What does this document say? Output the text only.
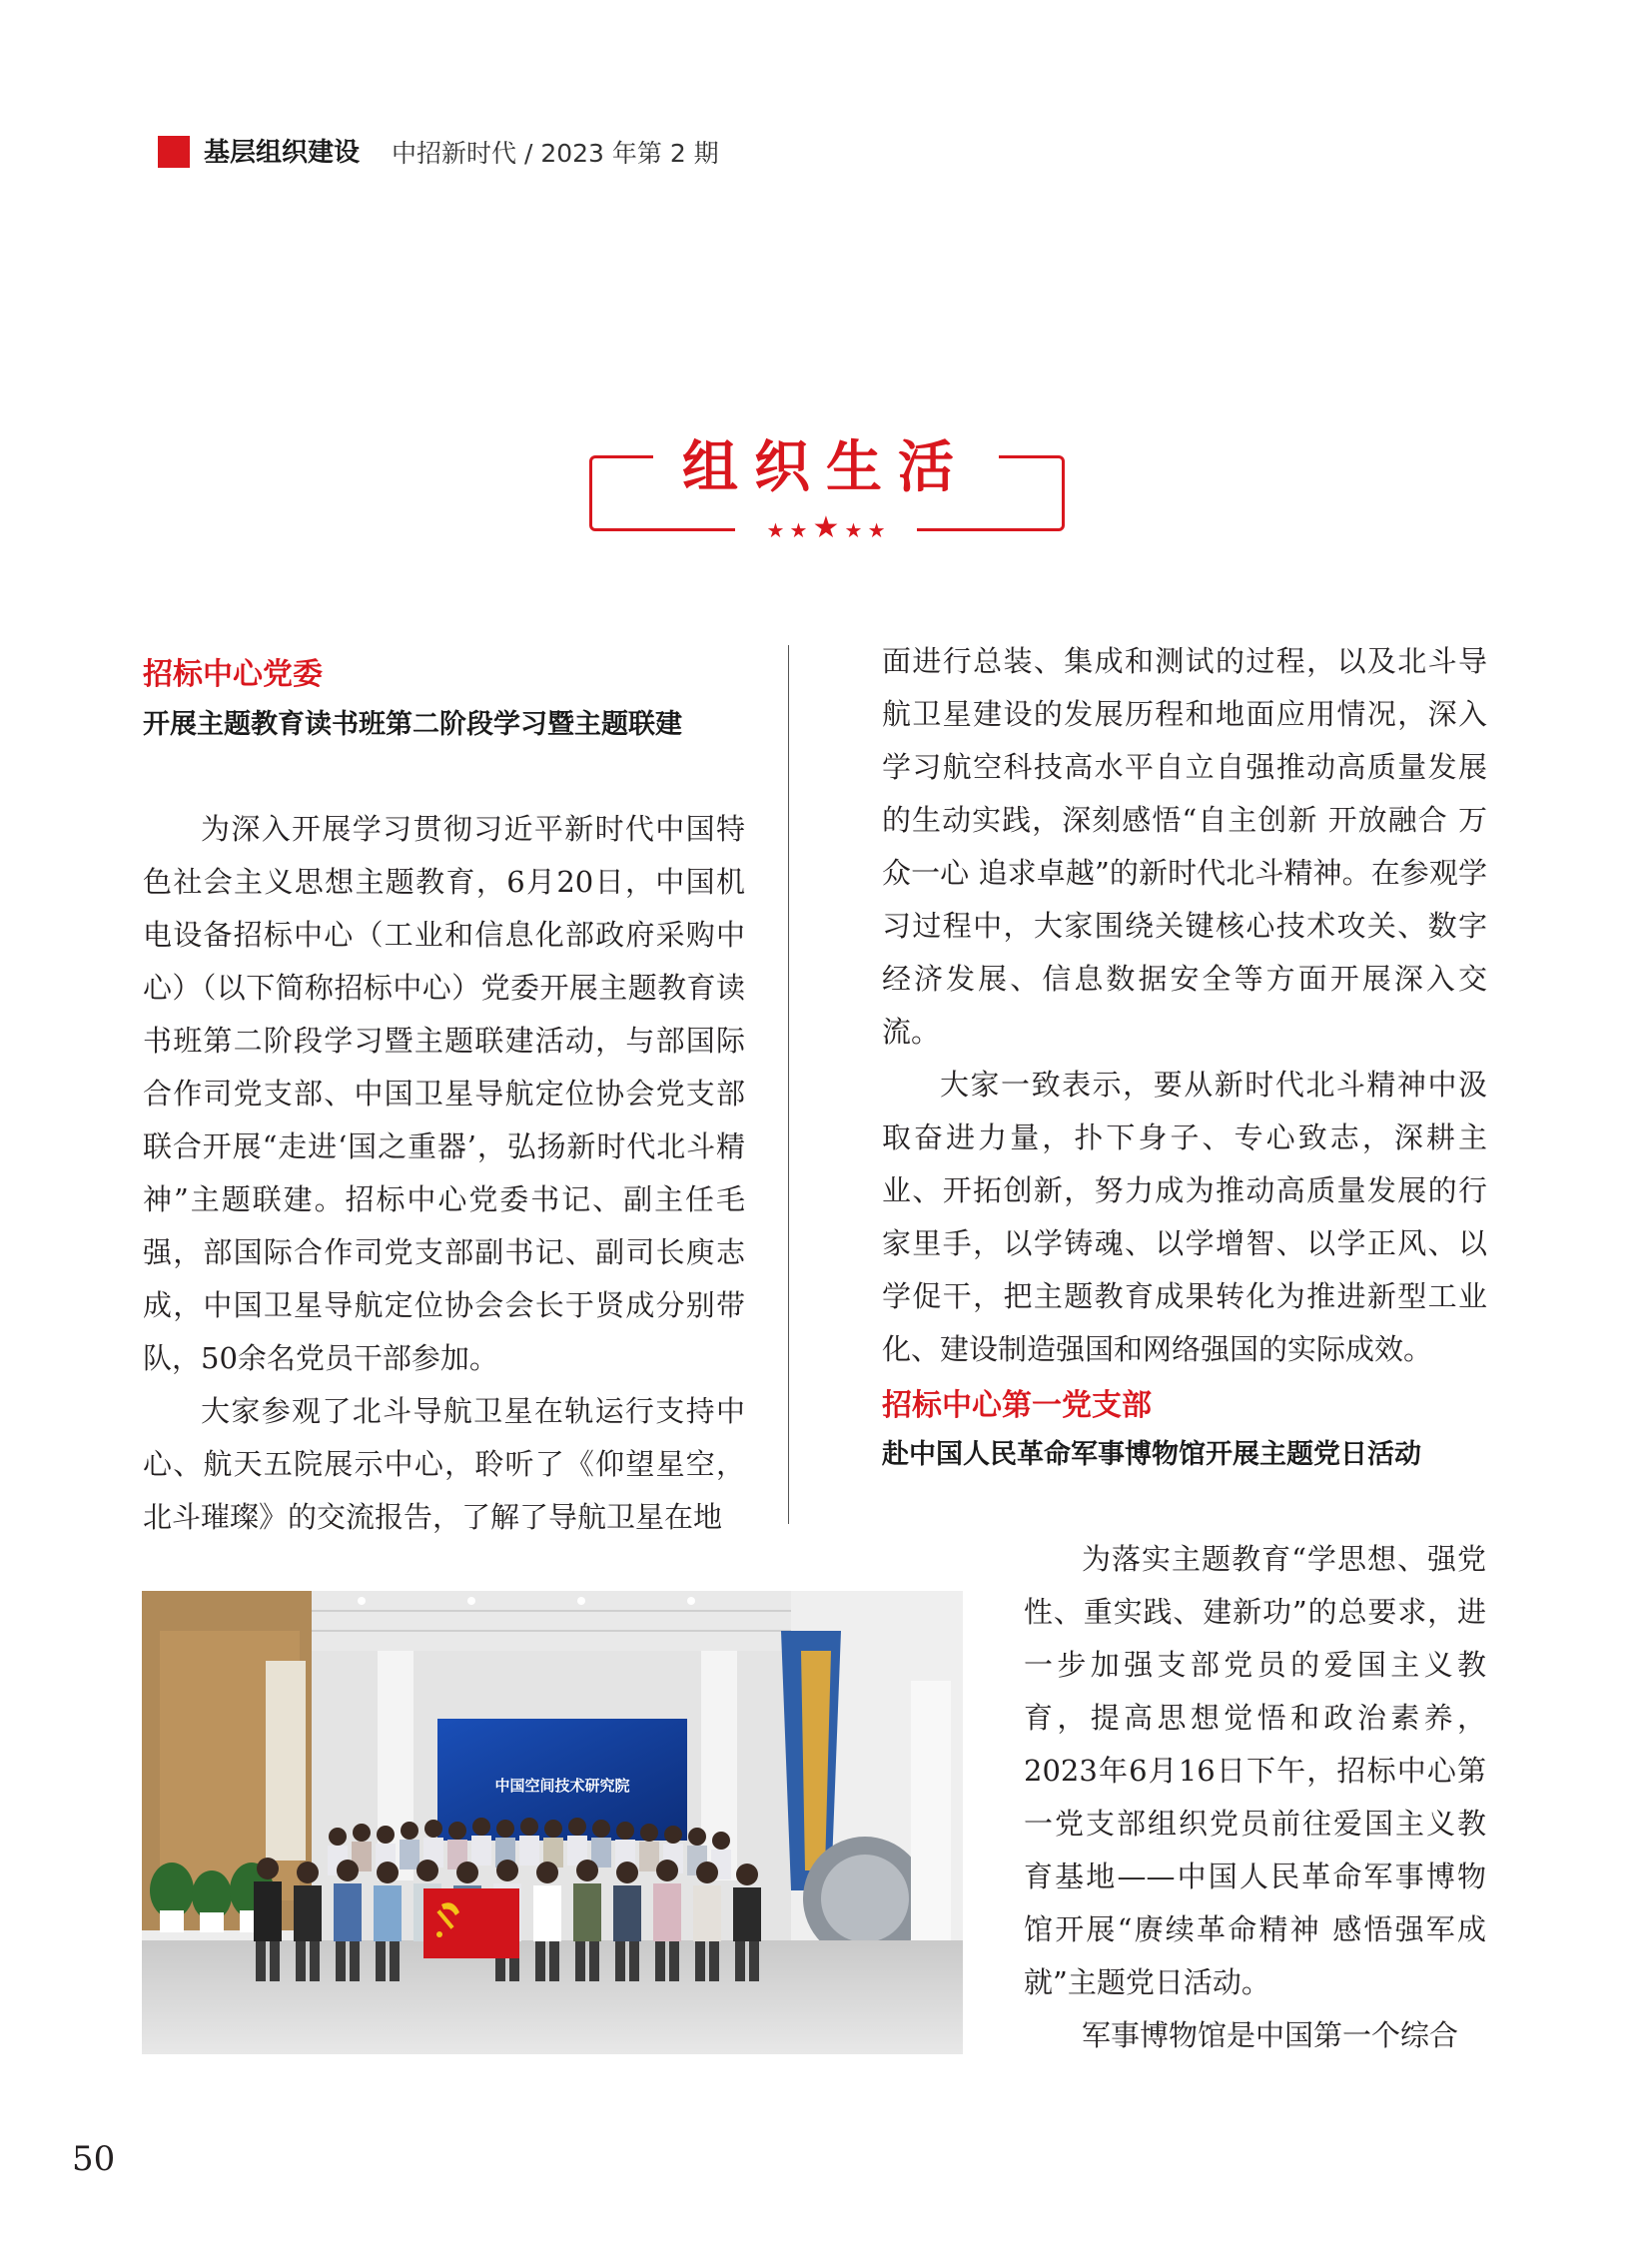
基层组织建设 中招新时代 / 2023 年第 2 期
组织生活
★ ★ ★ ★ ★
招标中心党委
开展主题教育读书班第二阶段学习暨主题联建

为深入开展学习贯彻习近平新时代中国特色社会主义思想主题教育，6月20日，中国机电设备招标中心（工业和信息化部政府采购中心）（以下简称招标中心）党委开展主题教育读书班第二阶段学习暨主题联建活动，与部国际合作司党支部、中国卫星导航定位协会党支部联合开展“走进‘国之重器’，弘扬新时代北斗精神”主题联建。招标中心党委书记、副主任毛强，部国际合作司党支部副书记、副司长庾志成，中国卫星导航定位协会会长于贤成分别带队，50余名党员干部参加。

大家参观了北斗导航卫星在轨运行支持中心、航天五院展示中心，聆听了《仰望星空，北斗璀璨》的交流报告，了解了导航卫星在地

面进行总装、集成和测试的过程，以及北斗导航卫星建设的发展历程和地面应用情况，深入学习航空科技高水平自立自强推动高质量发展的生动实践，深刻感悟“自主创新 开放融合 万众一心 追求卓越”的新时代北斗精神。在参观学习过程中，大家围绕关键核心技术攻关、数字经济发展、信息数据安全等方面开展深入交流。

大家一致表示，要从新时代北斗精神中汲取奋进力量，扑下身子、专心致志，深耕主业、开拓创新，努力成为推动高质量发展的行家里手，以学铸魂、以学增智、以学正风、以学促干，把主题教育成果转化为推进新型工业化、建设制造强国和网络强国的实际成效。

招标中心第一党支部
赴中国人民革命军事博物馆开展主题党日活动

为落实主题教育“学思想、强党性、重实践、建新功”的总要求，进一步加强支部党员的爱国主义教育，提高思想觉悟和政治素养，2023年6月16日下午，招标中心第一党支部组织党员前往爱国主义教育基地——中国人民革命军事博物馆开展“赓续革命精神 感悟强军成就”主题党日活动。

军事博物馆是中国第一个综合

中国空间技术研究院
50
